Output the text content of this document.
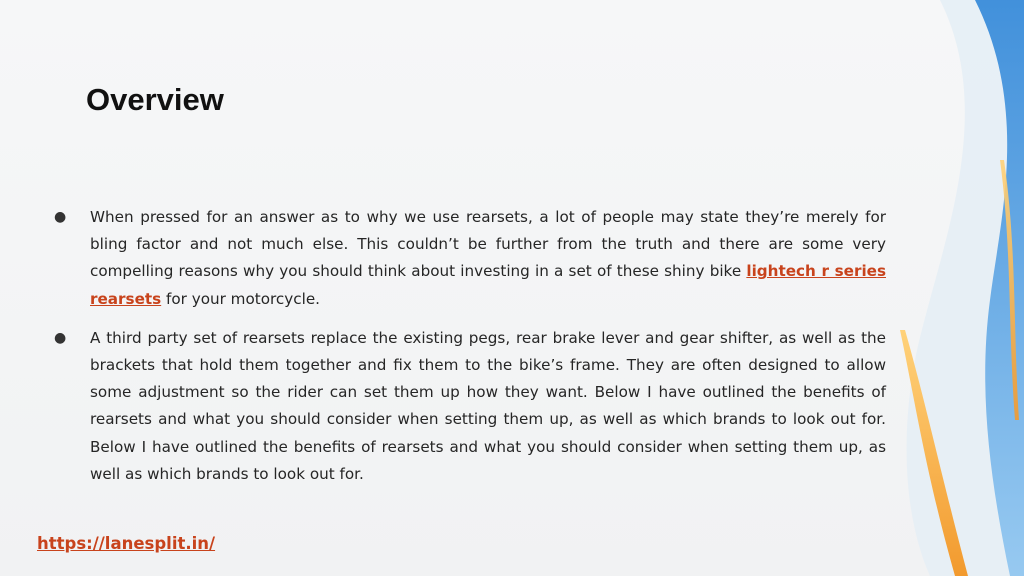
Overview
● When pressed for an answer as to why we use rearsets, a lot of people may state they’re merely for bling factor and not much else. This couldn’t be further from the truth and there are some very compelling reasons why you should think about investing in a set of these shiny bike lightech r series rearsets for your motorcycle.
● A third party set of rearsets replace the existing pegs, rear brake lever and gear shifter, as well as the brackets that hold them together and fix them to the bike’s frame. They are often designed to allow some adjustment so the rider can set them up how they want. Below I have outlined the benefits of rearsets and what you should consider when setting them up, as well as which brands to look out for. Below I have outlined the benefits of rearsets and what you should consider when setting them up, as well as which brands to look out for.
https://lanesplit.in/
